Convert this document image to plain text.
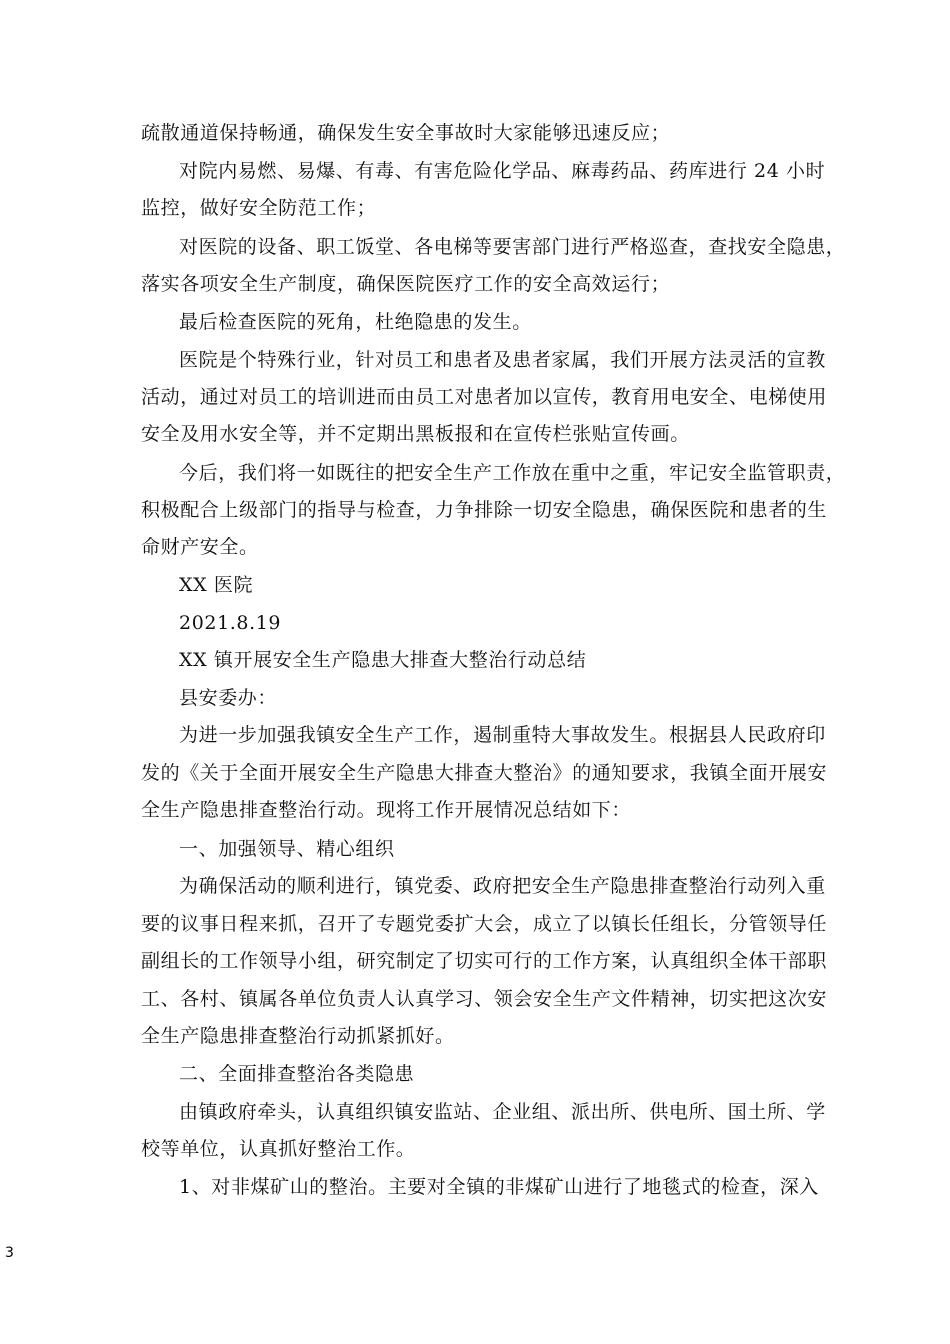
疏散通道保持畅通，确保发生安全事故时大家能够迅速反应；
对院内易燃、易爆、有毒、有害危险化学品、麻毒药品、药库进行 24 小时
监控，做好安全防范工作；
对医院的设备、职工饭堂、各电梯等要害部门进行严格巡查，查找安全隐患，
落实各项安全生产制度，确保医院医疗工作的安全高效运行；
最后检查医院的死角，杜绝隐患的发生。
医院是个特殊行业，针对员工和患者及患者家属，我们开展方法灵活的宣教
活动，通过对员工的培训进而由员工对患者加以宣传，教育用电安全、电梯使用
安全及用水安全等，并不定期出黑板报和在宣传栏张贴宣传画。
今后，我们将一如既往的把安全生产工作放在重中之重，牢记安全监管职责，
积极配合上级部门的指导与检查，力争排除一切安全隐患，确保医院和患者的生
命财产安全。
XX 医院
2021.8.19
XX 镇开展安全生产隐患大排查大整治行动总结
县安委办：
为进一步加强我镇安全生产工作，遏制重特大事故发生。根据县人民政府印
发的《关于全面开展安全生产隐患大排查大整治》的通知要求，我镇全面开展安
全生产隐患排查整治行动。现将工作开展情况总结如下：
一、加强领导、精心组织
为确保活动的顺利进行，镇党委、政府把安全生产隐患排查整治行动列入重
要的议事日程来抓，召开了专题党委扩大会，成立了以镇长任组长，分管领导任
副组长的工作领导小组，研究制定了切实可行的工作方案，认真组织全体干部职
工、各村、镇属各单位负责人认真学习、领会安全生产文件精神，切实把这次安
全生产隐患排查整治行动抓紧抓好。
二、全面排查整治各类隐患
由镇政府牵头，认真组织镇安监站、企业组、派出所、供电所、国土所、学
校等单位，认真抓好整治工作。
1、对非煤矿山的整治。主要对全镇的非煤矿山进行了地毯式的检查，深入
3
